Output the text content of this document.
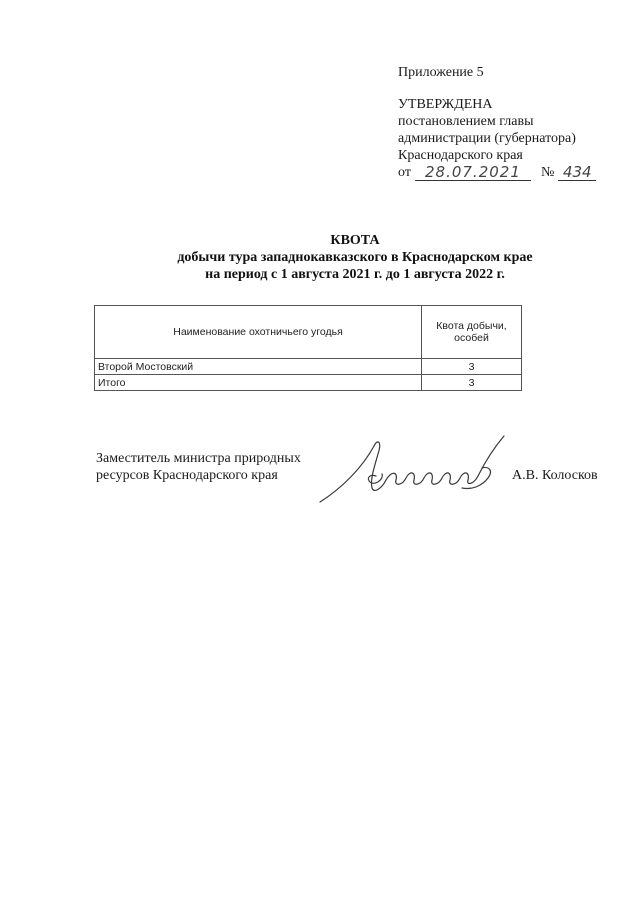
Приложение 5
УТВЕРЖДЕНА
постановлением главы
администрации (губернатора)
Краснодарского края
от 28.07.2021	№ 434
КВОТА
добычи тура западнокавказского в Краснодарском крае
на период с 1 августа 2021 г. до 1 августа 2022 г.
Наименование охотничьего угодья	Квота добычи, особей
Второй Мостовский	3
Итого	3
Заместитель министра природных
ресурсов Краснодарского края	А.В. Колосков
